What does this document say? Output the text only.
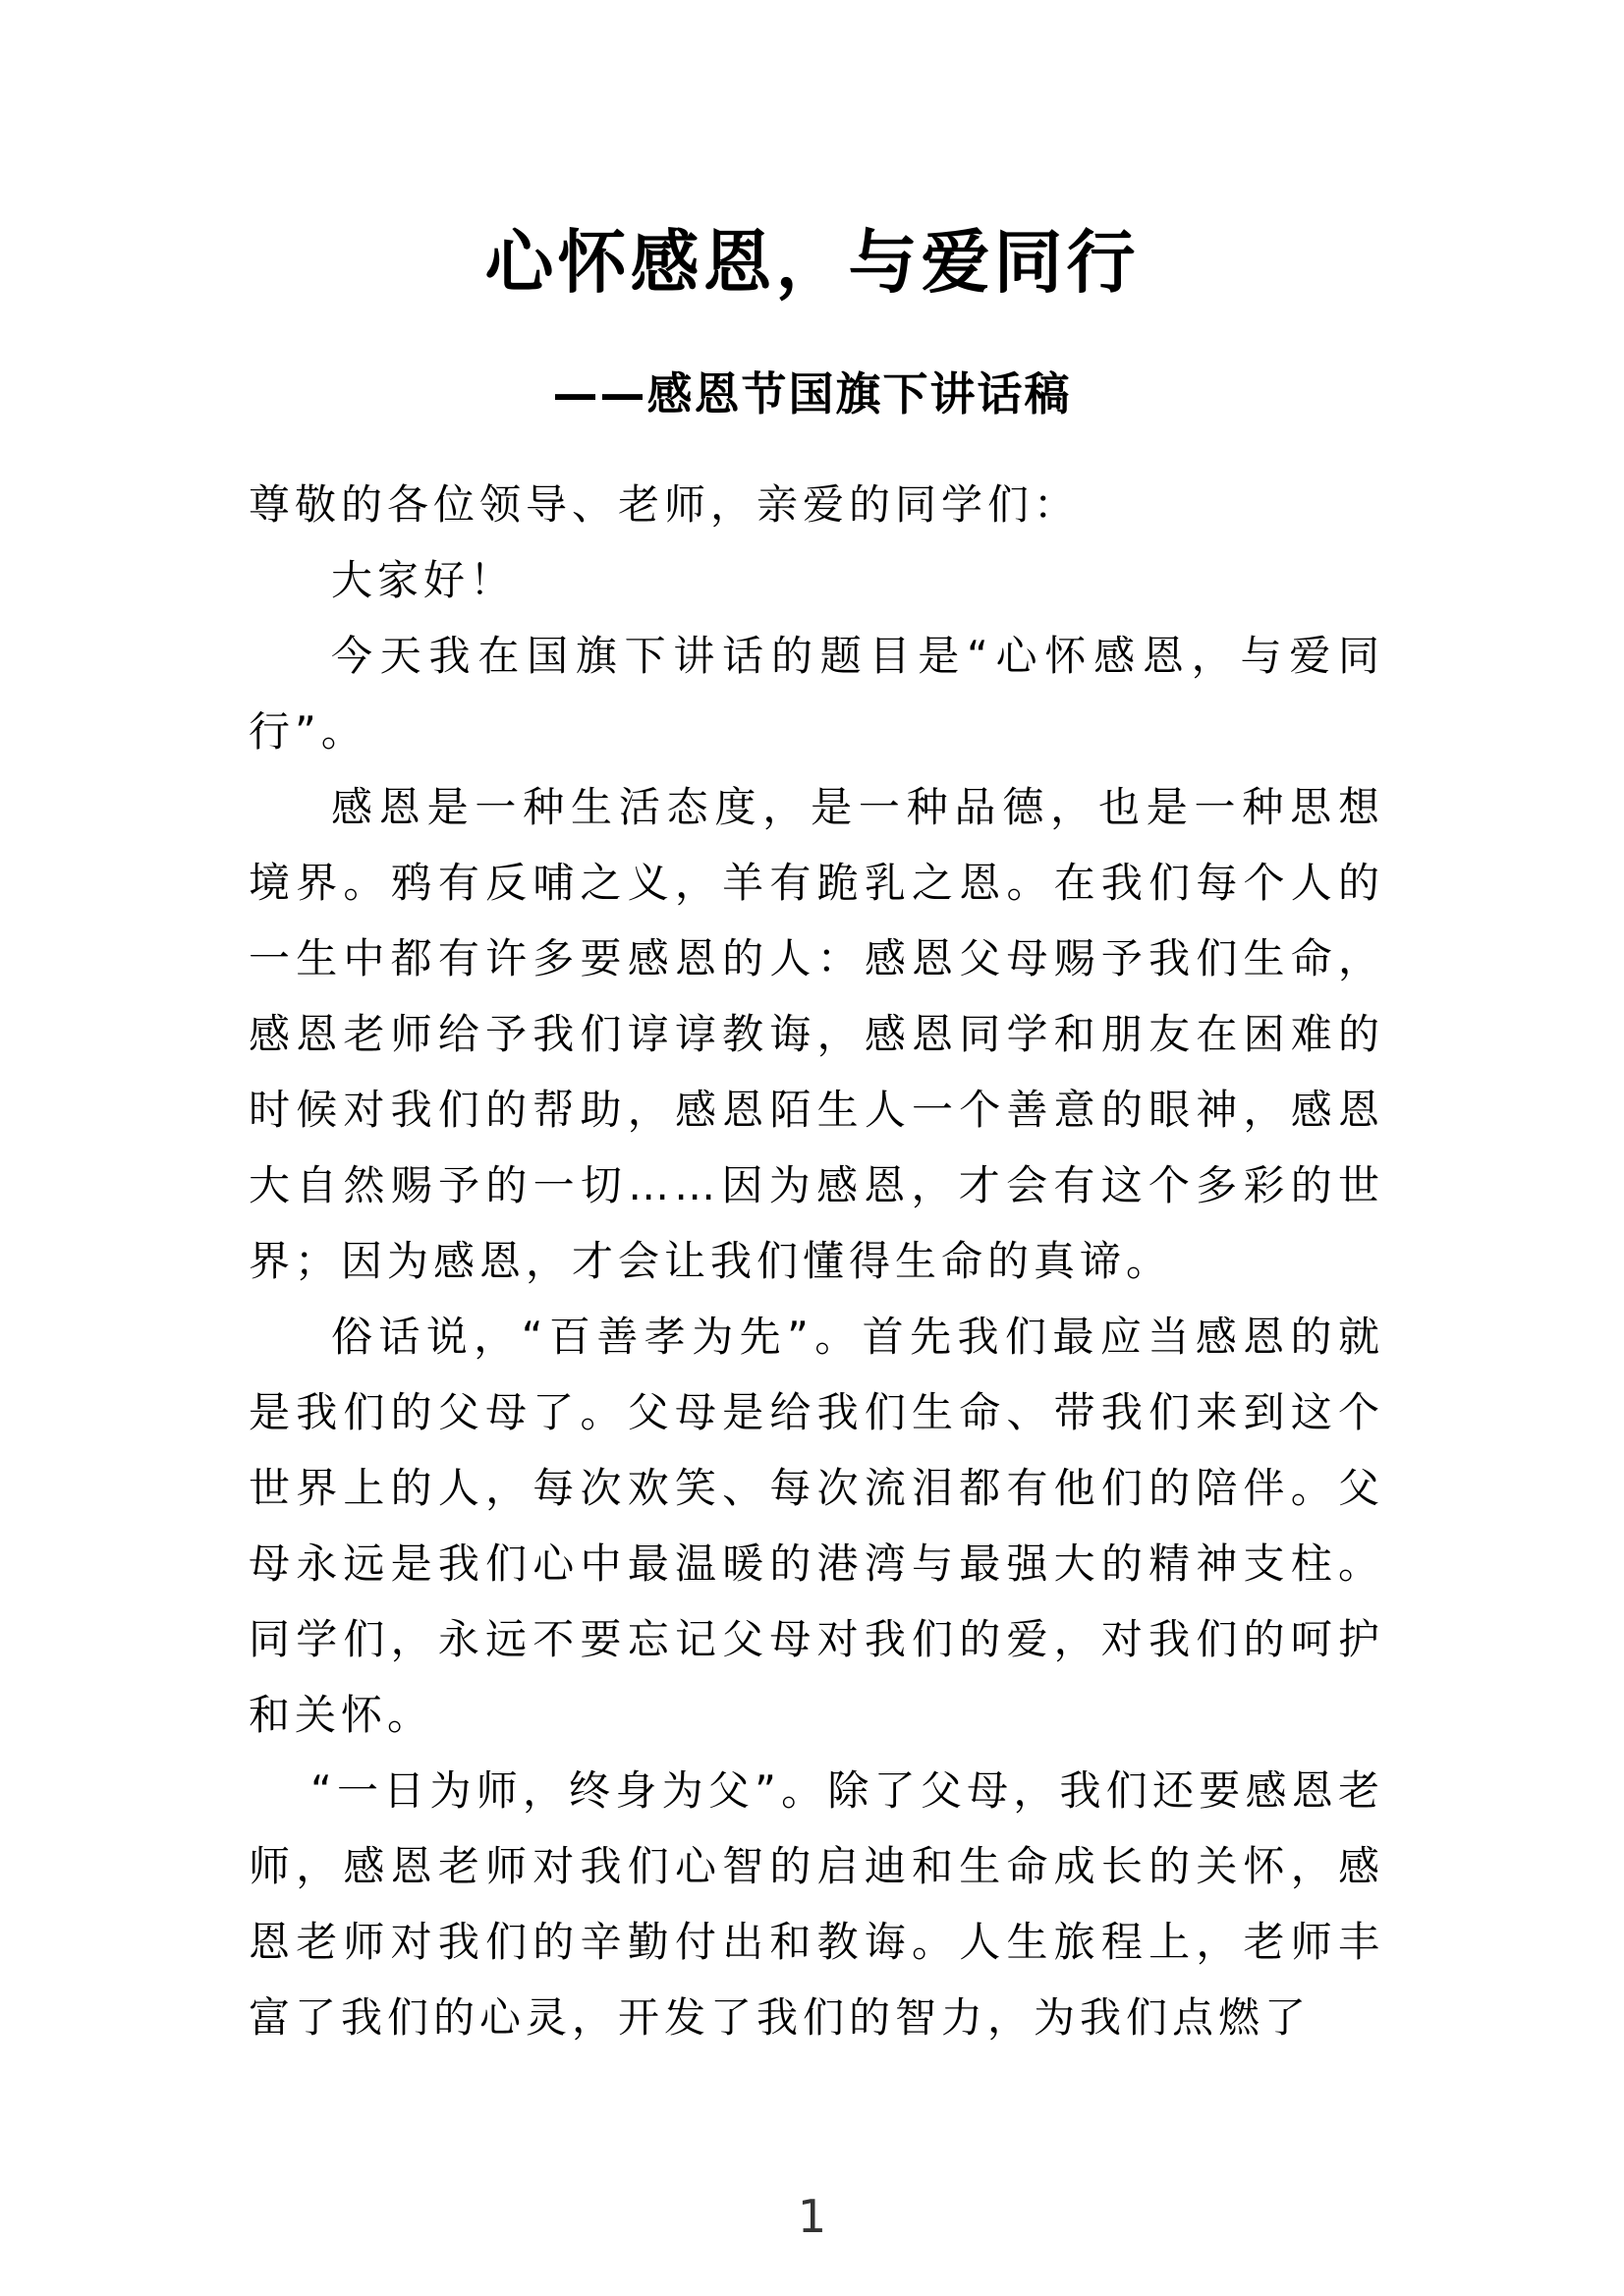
心怀感恩，与爱同行
——感恩节国旗下讲话稿

尊敬的各位领导、老师，亲爱的同学们：

大家好！

今天我在国旗下讲话的题目是“心怀感恩，与爱同行”。

感恩是一种生活态度，是一种品德，也是一种思想境界。鸦有反哺之义，羊有跪乳之恩。在我们每个人的一生中都有许多要感恩的人：感恩父母赐予我们生命，感恩老师给予我们谆谆教诲，感恩同学和朋友在困难的时候对我们的帮助，感恩陌生人一个善意的眼神，感恩大自然赐予的一切……因为感恩，才会有这个多彩的世界；因为感恩，才会让我们懂得生命的真谛。

俗话说，“百善孝为先”。首先我们最应当感恩的就是我们的父母了。父母是给我们生命、带我们来到这个世界上的人，每次欢笑、每次流泪都有他们的陪伴。父母永远是我们心中最温暖的港湾与最强大的精神支柱。同学们，永远不要忘记父母对我们的爱，对我们的呵护和关怀。

“一日为师，终身为父”。除了父母，我们还要感恩老师，感恩老师对我们心智的启迪和生命成长的关怀，感恩老师对我们的辛勤付出和教诲。人生旅程上，老师丰富了我们的心灵，开发了我们的智力，为我们点燃了

1
